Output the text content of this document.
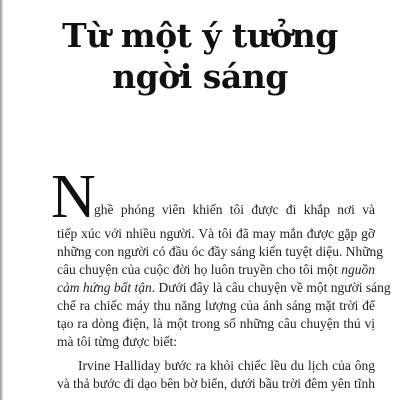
Từ một ý tưởng
ngời sáng
N
ghề phóng viên khiến tôi được đi khắp nơi và
tiếp xúc với nhiều người. Và tôi đã may mắn được gặp gỡ
những con người có đầu óc đầy sáng kiến tuyệt diệu. Những
câu chuyện của cuộc đời họ luôn truyền cho tôi một nguồn
cảm hứng bất tận. Dưới đây là câu chuyện về một người sáng
chế ra chiếc máy thu năng lượng của ánh sáng mặt trời để
tạo ra dòng điện, là một trong số những câu chuyện thú vị
mà tôi từng được biết:
Irvine Halliday bước ra khỏi chiếc lều du lịch của ông
và thả bước đi dạo bên bờ biển, dưới bầu trời đêm yên tĩnh
